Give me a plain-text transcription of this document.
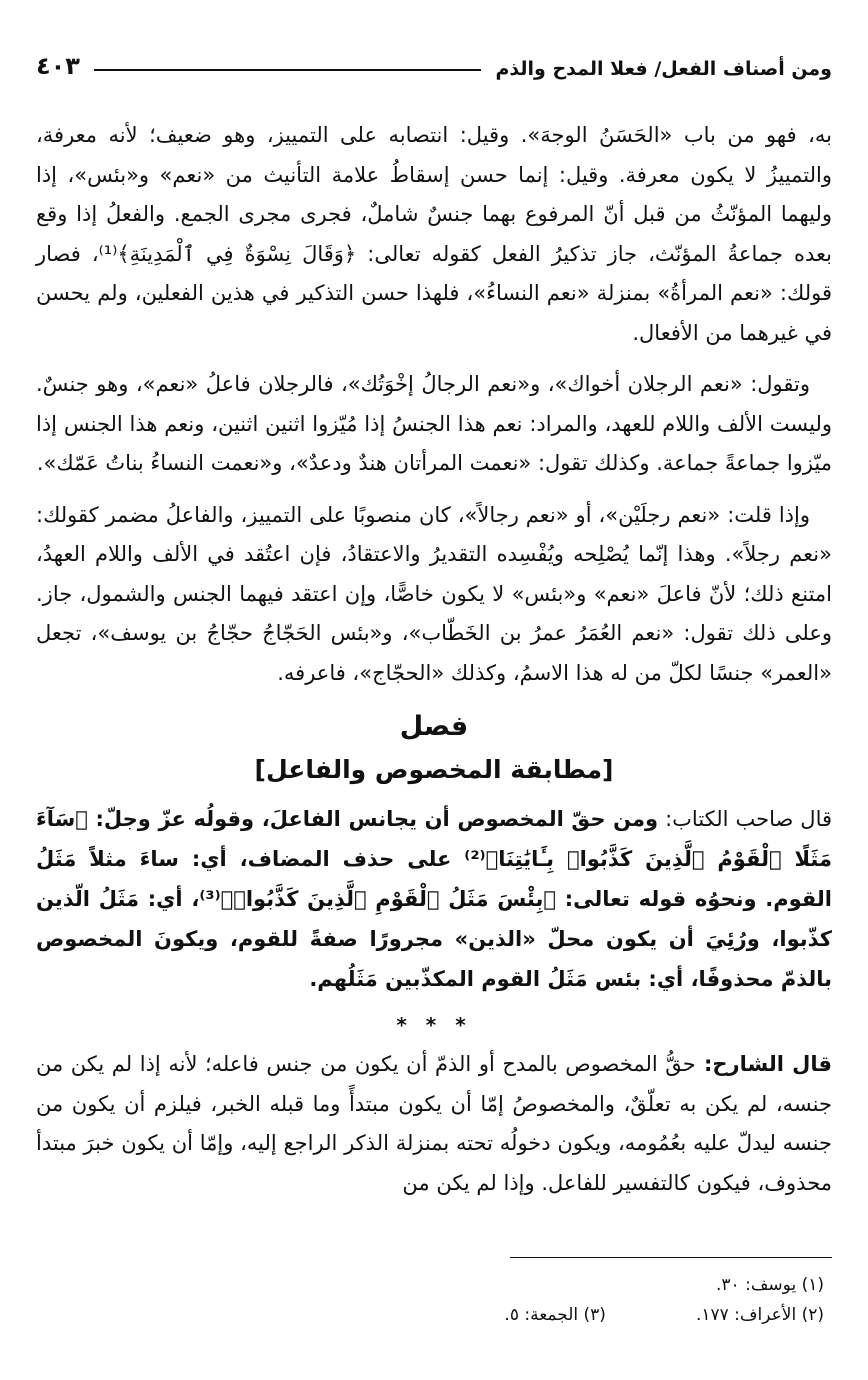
ومن أصناف الفعل/ فعلا المدح والذم
٤٠٣

به، فهو من باب «الحَسَنُ الوجهَ». وقيل: انتصابه على التمييز، وهو ضعيف؛ لأنه معرفة، والتمييزُ لا يكون معرفة. وقيل: إنما حسن إسقاطُ علامة التأنيث من «نعم» و«بئس»، إذا وليهما المؤنّثُ من قبل أنّ المرفوع بهما جنسٌ شاملٌ، فجرى مجرى الجمع. والفعلُ إذا وقع بعده جماعةُ المؤنّث، جاز تذكيرُ الفعل كقوله تعالى: ﴿وَقَالَ نِسْوَةٌ فِي ٱلْمَدِينَةِ﴾⁽¹⁾، فصار قولك: «نعم المرأةُ» بمنزلة «نعم النساءُ»، فلهذا حسن التذكير في هذين الفعلين، ولم يحسن في غيرهما من الأفعال.

وتقول: «نعم الرجلان أخواك»، و«نعم الرجالُ إخْوَتُك»، فالرجلان فاعلُ «نعم»، وهو جنسٌ. وليست الألف واللام للعهد، والمراد: نعم هذا الجنسُ إذا مُيّزوا اثنين اثنين، ونعم هذا الجنس إذا ميّزوا جماعةً جماعة. وكذلك تقول: «نعمت المرأتان هندٌ ودعدٌ»، و«نعمت النساءُ بناتُ عَمّك».

وإذا قلت: «نعم رجلَيْن»، أو «نعم رجالاً»، كان منصوبًا على التمييز، والفاعلُ مضمر كقولك: «نعم رجلاً». وهذا إنّما يُصْلِحه ويُفْسِده التقديرُ والاعتقادُ، فإن اعتُقد في الألف واللام العهدُ، امتنع ذلك؛ لأنّ فاعلَ «نعم» و«بئس» لا يكون خاصًّا، وإن اعتقد فيهما الجنس والشمول، جاز. وعلى ذلك تقول: «نعم العُمَرُ عمرُ بن الخَطّاب»، و«بئس الحَجّاجُ حجّاجُ بن يوسف»، تجعل «العمر» جنسًا لكلّ من له هذا الاسمُ، وكذلك «الحجّاج»، فاعرفه.

فصل
[مطابقة المخصوص والفاعل]

قال صاحب الكتاب: ومن حقّ المخصوص أن يجانس الفاعلَ، وقولُه عزّ وجلّ: ﴿سَآءَ مَثَلًا ٱلْقَوْمُ ٱلَّذِينَ كَذَّبُوا۟ بِـَٔايَٰتِنَا﴾⁽²⁾ على حذف المضاف، أي: ساءَ مثلاً مَثَلُ القوم. ونحوُه قوله تعالى: ﴿بِئْسَ مَثَلُ ٱلْقَوْمِ ٱلَّذِينَ كَذَّبُوا۟﴾⁽³⁾، أي: مَثَلُ الّذين كذّبوا، ورُئِيَ أن يكون محلّ «الذين» مجرورًا صفةً للقوم، ويكونَ المخصوص بالذمّ محذوفًا، أي: بئس مَثَلُ القوم المكذّبين مَثَلُهم.

* * *

قال الشارح: حقُّ المخصوص بالمدح أو الذمّ أن يكون من جنس فاعله؛ لأنه إذا لم يكن من جنسه، لم يكن به تعلّقٌ، والمخصوصُ إمّا أن يكون مبتدأً وما قبله الخبر، فيلزم أن يكون من جنسه ليدلّ عليه بعُمُومه، ويكون دخولُه تحته بمنزلة الذكر الراجع إليه، وإمّا أن يكون خبرَ مبتدأ محذوف، فيكون كالتفسير للفاعل. وإذا لم يكن من

(١) يوسف: ٣٠.
(٢) الأعراف: ١٧٧.
(٣) الجمعة: ٥.
